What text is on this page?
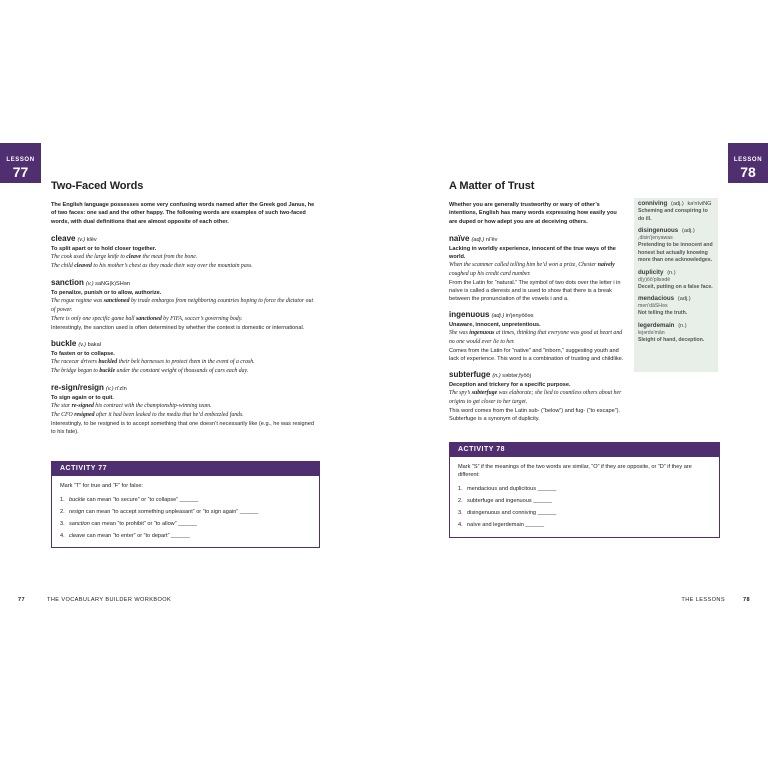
LESSON
77
LESSON
78
Two-Faced Words

The English language possesses some very confusing words named after the Greek god Janus, he of two faces: one sad and the other happy. The following words are examples of such two-faced words, with dual definitions that are almost opposite of each other.

cleave (v.) klēv
To split apart or to hold closer together.
The cook used the large knife to cleave the meat from the bone.
The child cleaved to his mother’s chest as they made their way over the mountain pass.
sanction (v.) saNG(k)SHən
To penalize, punish or to allow, authorize.
The rogue regime was sanctioned by trade embargos from neighboring countries hoping to force the dictator out of power.
There is only one specific game ball sanctioned by FIFA, soccer’s governing body.
Interestingly, the sanction used is often determined by whether the context is domestic or international.
buckle (v.) bakal
To fasten or to collapse.
The racecar drivers buckled their belt harnesses to protect them in the event of a crash.
The bridge began to buckle under the constant weight of thousands of cars each day.
re-sign/resign (v.) ri'zīn
To sign again or to quit.
The star re-signed his contract with the championship-winning team.
The CFO resigned after it had been leaked to the media that he’d embezzled funds.
Interestingly, to be resigned is to accept something that one doesn’t necessarily like (e.g., he was resigned to his fate).
ACTIVITY 77
Mark “T” for true and “F” for false:
1. buckle can mean “to secure” or “to collapse” ______
2. resign can mean “to accept something unpleasant” or “to sign again” ______
3. sanction can mean “to prohibit” or “to allow” ______
4. cleave can mean “to enter” or “to depart” ______
A Matter of Trust

Whether you are generally trustworthy or wary of other’s intentions, English has many words expressing how easily you are duped or how adept you are at deceiving others.

naïve (adj.) nī'ēv
Lacking in worldly experience, innocent of the true ways of the world.
When the scammer called telling him he’d won a prize, Chester naively coughed up his credit card number.
From the Latin for “natural.” The symbol of two dots over the letter i in naïve is called a dieresis and is used to show that there is a break between the pronunciation of the vowels i and a.
ingenuous (adj.) in'jenyōōəs
Unaware, innocent, unpretentious.
She was ingenuous at times, thinking that everyone was good at heart and no one would ever lie to her.
Comes from the Latin for “native” and “inborn,” suggesting youth and lack of experience. This word is a combination of trusting and childlike.
subterfuge (n.) səbtər,fyōōj
Deception and trickery for a specific purpose.
The spy’s subterfuge was elaborate; she lied to countless others about her origins to get closer to her target.
This word comes from the Latin sub- (“below”) and fug- (“to escape”). Subterfuge is a synonym of duplicity.
conniving (adj.) kə'nīviNG
Scheming and conspiring to do ill.
disingenuous (adj.)
,disin'jenyawas
Pretending to be innocent and honest but actually knowing more than one acknowledges.
duplicity (n.)
d(y)ōō'plisədē
Deceit, putting on a false face.
mendacious (adj.)
men'dāSHəs
Not telling the truth.
legerdemain (n.)
lejərdə'mān
Sleight of hand, deception.
ACTIVITY 78
Mark “S” if the meanings of the two words are similar, “O” if they are opposite, or “D” if they are different:
1. mendacious and duplicitous ______
2. subterfuge and ingenuous ______
3. disingenuous and conniving ______
4. naïve and legerdemain ______
77	THE VOCABULARY BUILDER WORKBOOK	THE LESSONS	78
